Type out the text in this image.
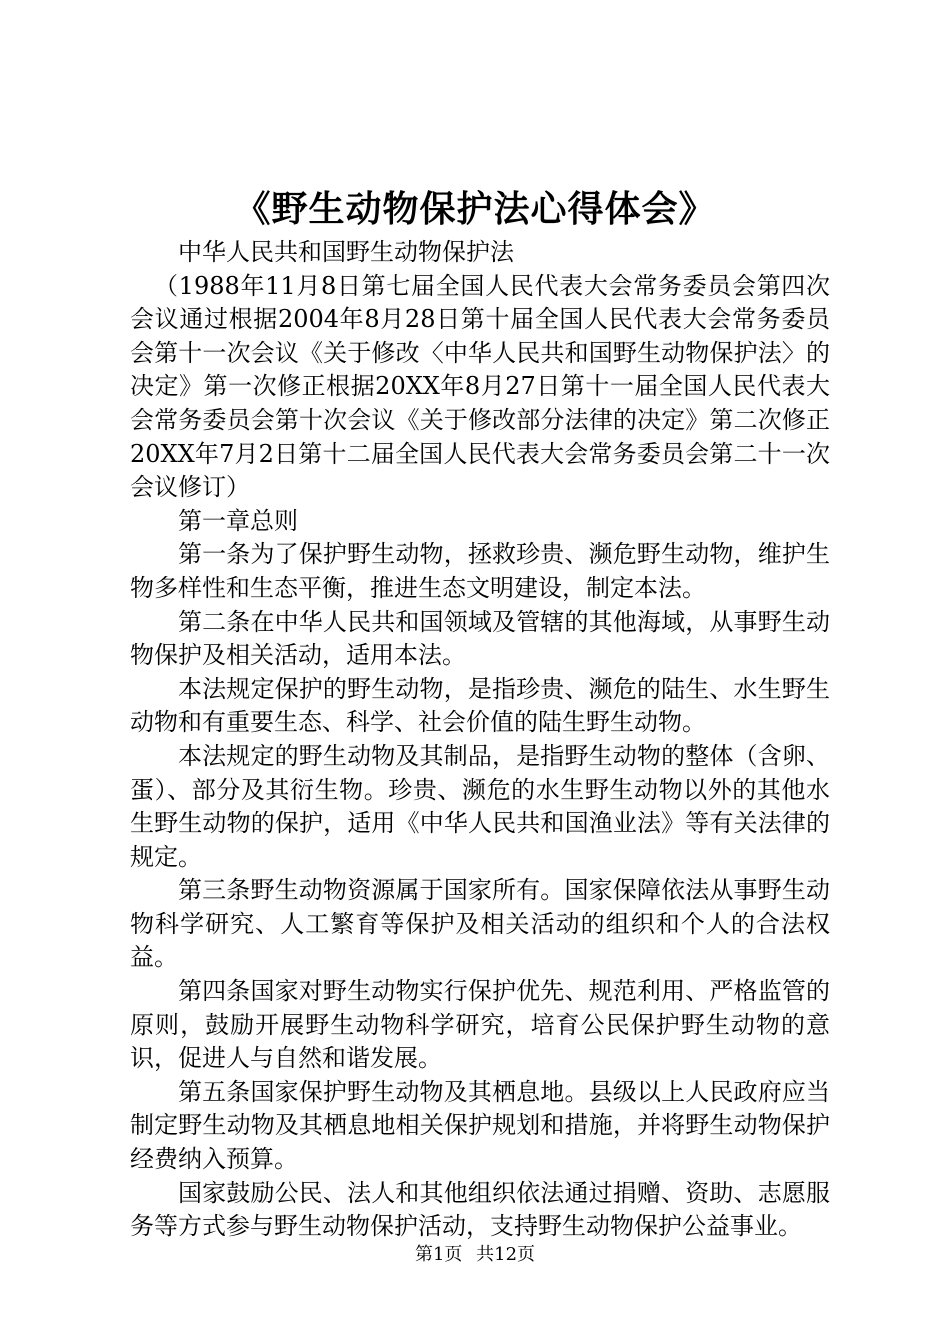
《野生动物保护法心得体会》

中华人民共和国野生动物保护法

（1988年11月8日第七届全国人民代表大会常务委员会第四次会议通过根据2004年8月28日第十届全国人民代表大会常务委员会第十一次会议《关于修改〈中华人民共和国野生动物保护法〉的决定》第一次修正根据20XX年8月27日第十一届全国人民代表大会常务委员会第十次会议《关于修改部分法律的决定》第二次修正20XX年7月2日第十二届全国人民代表大会常务委员会第二十一次会议修订）

第一章总则

第一条为了保护野生动物，拯救珍贵、濒危野生动物，维护生物多样性和生态平衡，推进生态文明建设，制定本法。

第二条在中华人民共和国领域及管辖的其他海域，从事野生动物保护及相关活动，适用本法。

本法规定保护的野生动物，是指珍贵、濒危的陆生、水生野生动物和有重要生态、科学、社会价值的陆生野生动物。

本法规定的野生动物及其制品，是指野生动物的整体（含卵、蛋）、部分及其衍生物。珍贵、濒危的水生野生动物以外的其他水生野生动物的保护，适用《中华人民共和国渔业法》等有关法律的规定。

第三条野生动物资源属于国家所有。国家保障依法从事野生动物科学研究、人工繁育等保护及相关活动的组织和个人的合法权益。

第四条国家对野生动物实行保护优先、规范利用、严格监管的原则，鼓励开展野生动物科学研究，培育公民保护野生动物的意识，促进人与自然和谐发展。

第五条国家保护野生动物及其栖息地。县级以上人民政府应当制定野生动物及其栖息地相关保护规划和措施，并将野生动物保护经费纳入预算。

国家鼓励公民、法人和其他组织依法通过捐赠、资助、志愿服务等方式参与野生动物保护活动，支持野生动物保护公益事业。

第1页 共12页
